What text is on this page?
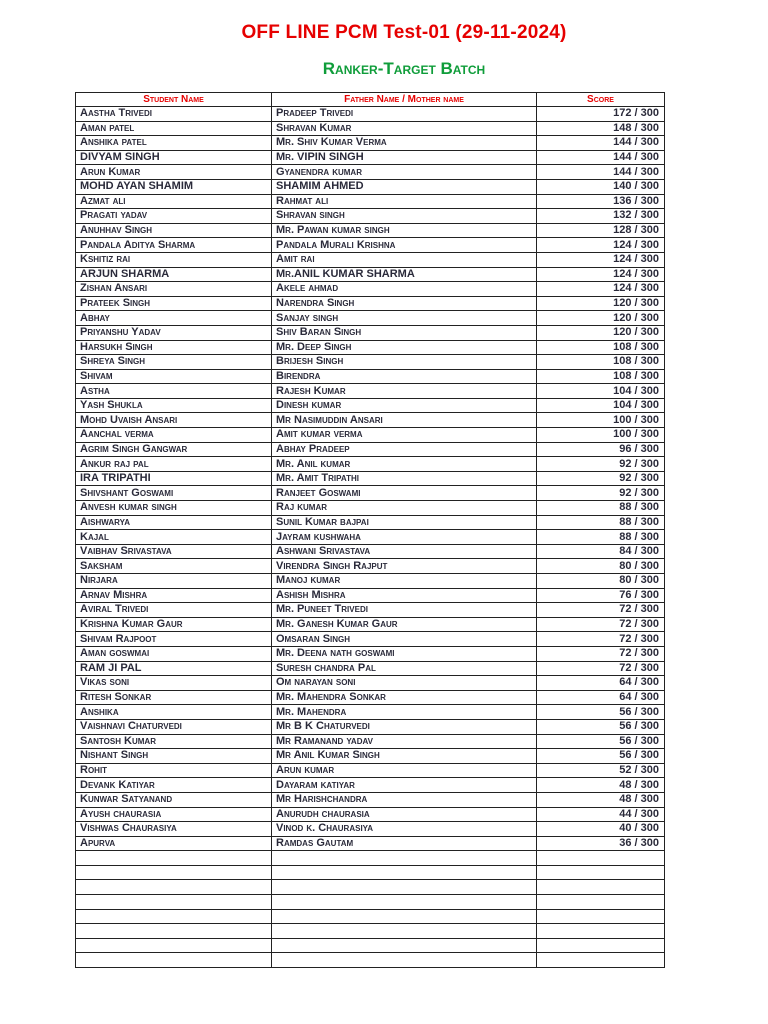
OFF LINE PCM Test-01 (29-11-2024)
Ranker-Target Batch
Student Name	Father Name / Mother name	Score
Aastha Trivedi	Pradeep Trivedi	172 / 300
Aman patel	Shravan Kumar	148 / 300
Anshika patel	Mr. Shiv Kumar Verma	144 / 300
DIVYAM SINGH	Mr. VIPIN SINGH	144 / 300
Arun Kumar	Gyanendra kumar	144 / 300
MOHD AYAN SHAMIM	SHAMIM AHMED	140 / 300
Azmat ali	Rahmat ali	136 / 300
Pragati yadav	Shravan singh	132 / 300
Anuhhav Singh	Mr. Pawan kumar singh	128 / 300
Pandala Aditya Sharma	Pandala Murali Krishna	124 / 300
Kshitiz rai	Amit rai	124 / 300
ARJUN SHARMA	Mr.ANIL KUMAR SHARMA	124 / 300
Zishan Ansari	Akele ahmad	124 / 300
Prateek Singh	Narendra Singh	120 / 300
Abhay	Sanjay singh	120 / 300
Priyanshu Yadav	Shiv Baran Singh	120 / 300
Harsukh Singh	Mr. Deep Singh	108 / 300
Shreya Singh	Brijesh Singh	108 / 300
Shivam	Birendra	108 / 300
Astha	Rajesh Kumar	104 / 300
Yash Shukla	Dinesh kumar	104 / 300
Mohd Uvaish Ansari	Mr Nasimuddin Ansari	100 / 300
Aanchal verma	Amit kumar verma	100 / 300
Agrim Singh Gangwar	Abhay Pradeep	96 / 300
Ankur raj pal	Mr. Anil kumar	92 / 300
IRA TRIPATHI	Mr. Amit Tripathi	92 / 300
Shivshant Goswami	Ranjeet Goswami	92 / 300
Anvesh kumar singh	Raj kumar	88 / 300
Aishwarya	Sunil Kumar bajpai	88 / 300
Kajal	Jayram kushwaha	88 / 300
Vaibhav Srivastava	Ashwani Srivastava	84 / 300
Saksham	Virendra Singh Rajput	80 / 300
Nirjara	Manoj kumar	80 / 300
Arnav Mishra	Ashish Mishra	76 / 300
Aviral Trivedi	Mr. Puneet Trivedi	72 / 300
Krishna Kumar Gaur	Mr. Ganesh Kumar Gaur	72 / 300
Shivam Rajpoot	Omsaran Singh	72 / 300
Aman goswmai	Mr. Deena nath goswami	72 / 300
RAM JI PAL	Suresh chandra Pal	72 / 300
Vikas soni	Om narayan soni	64 / 300
Ritesh Sonkar	Mr. Mahendra Sonkar	64 / 300
Anshika	Mr. Mahendra	56 / 300
Vaishnavi Chaturvedi	Mr B K Chaturvedi	56 / 300
Santosh Kumar	Mr Ramanand yadav	56 / 300
Nishant Singh	Mr Anil Kumar Singh	56 / 300
Rohit	Arun kumar	52 / 300
Devank Katiyar	Dayaram katiyar	48 / 300
Kunwar Satyanand	Mr Harishchandra	48 / 300
Ayush chaurasia	Anurudh chaurasia	44 / 300
Vishwas Chaurasiya	Vinod k. Chaurasiya	40 / 300
Apurva	Ramdas Gautam	36 / 300
